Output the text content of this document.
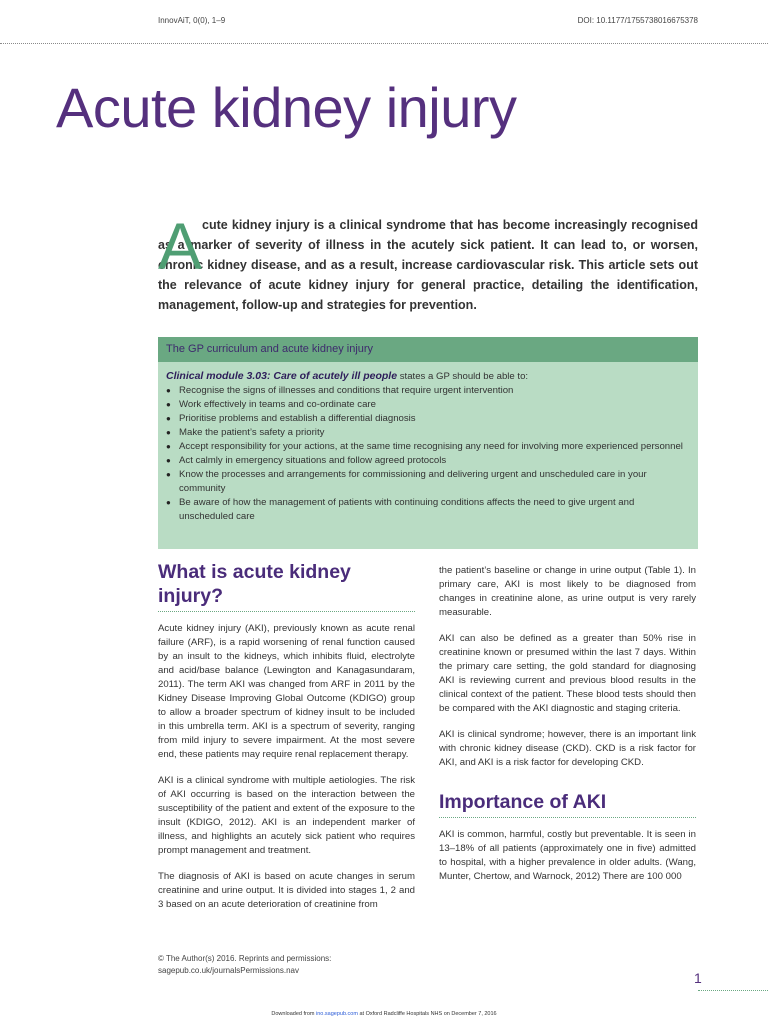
InnovAiT, 0(0), 1–9	DOI: 10.1177/1755738016675378
Acute kidney injury
A cute kidney injury is a clinical syndrome that has become increasingly recognised as a marker of severity of illness in the acutely sick patient. It can lead to, or worsen, chronic kidney disease, and as a result, increase cardiovascular risk. This article sets out the relevance of acute kidney injury for general practice, detailing the identification, management, follow-up and strategies for prevention.

The GP curriculum and acute kidney injury
Clinical module 3.03: Care of acutely ill people states a GP should be able to:
● Recognise the signs of illnesses and conditions that require urgent intervention
● Work effectively in teams and co-ordinate care
● Prioritise problems and establish a differential diagnosis
● Make the patient’s safety a priority
● Accept responsibility for your actions, at the same time recognising any need for involving more experienced personnel
● Act calmly in emergency situations and follow agreed protocols
● Know the processes and arrangements for commissioning and delivering urgent and unscheduled care in your community
● Be aware of how the management of patients with continuing conditions affects the need to give urgent and unscheduled care
What is acute kidney
injury?

Acute kidney injury (AKI), previously known as acute renal failure (ARF), is a rapid worsening of renal function caused by an insult to the kidneys, which inhibits fluid, electrolyte and acid/base balance (Lewington and Kanagasundaram, 2011). The term AKI was changed from ARF in 2011 by the Kidney Disease Improving Global Outcome (KDIGO) group to allow a broader spectrum of kidney insult to be included in this umbrella term. AKI is a spectrum of severity, ranging from mild injury to severe impairment. At the most severe end, these patients may require renal replacement therapy.

AKI is a clinical syndrome with multiple aetiologies. The risk of AKI occurring is based on the interaction between the susceptibility of the patient and extent of the exposure to the insult (KDIGO, 2012). AKI is an independent marker of illness, and highlights an acutely sick patient who requires prompt management and treatment.

The diagnosis of AKI is based on acute changes in serum creatinine and urine output. It is divided into stages 1, 2 and 3 based on an acute deterioration of creatinine from

the patient’s baseline or change in urine output (Table 1). In primary care, AKI is most likely to be diagnosed from changes in creatinine alone, as urine output is very rarely measurable.

AKI can also be defined as a greater than 50% rise in creatinine known or presumed within the last 7 days. Within the primary care setting, the gold standard for diagnosing AKI is reviewing current and previous blood results in the clinical context of the patient. These blood tests should then be compared with the AKI diagnostic and staging criteria.

AKI is clinical syndrome; however, there is an important link with chronic kidney disease (CKD). CKD is a risk factor for AKI, and AKI is a risk factor for developing CKD.

Importance of AKI

AKI is common, harmful, costly but preventable. It is seen in 13–18% of all patients (approximately one in five) admitted to hospital, with a higher prevalence in older adults. (Wang, Munter, Chertow, and Warnock, 2012) There are 100 000

© The Author(s) 2016. Reprints and permissions:
sagepub.co.uk/journalsPermissions.nav	1
Downloaded from ino.sagepub.com at Oxford Radcliffe Hospitals NHS on December 7, 2016
